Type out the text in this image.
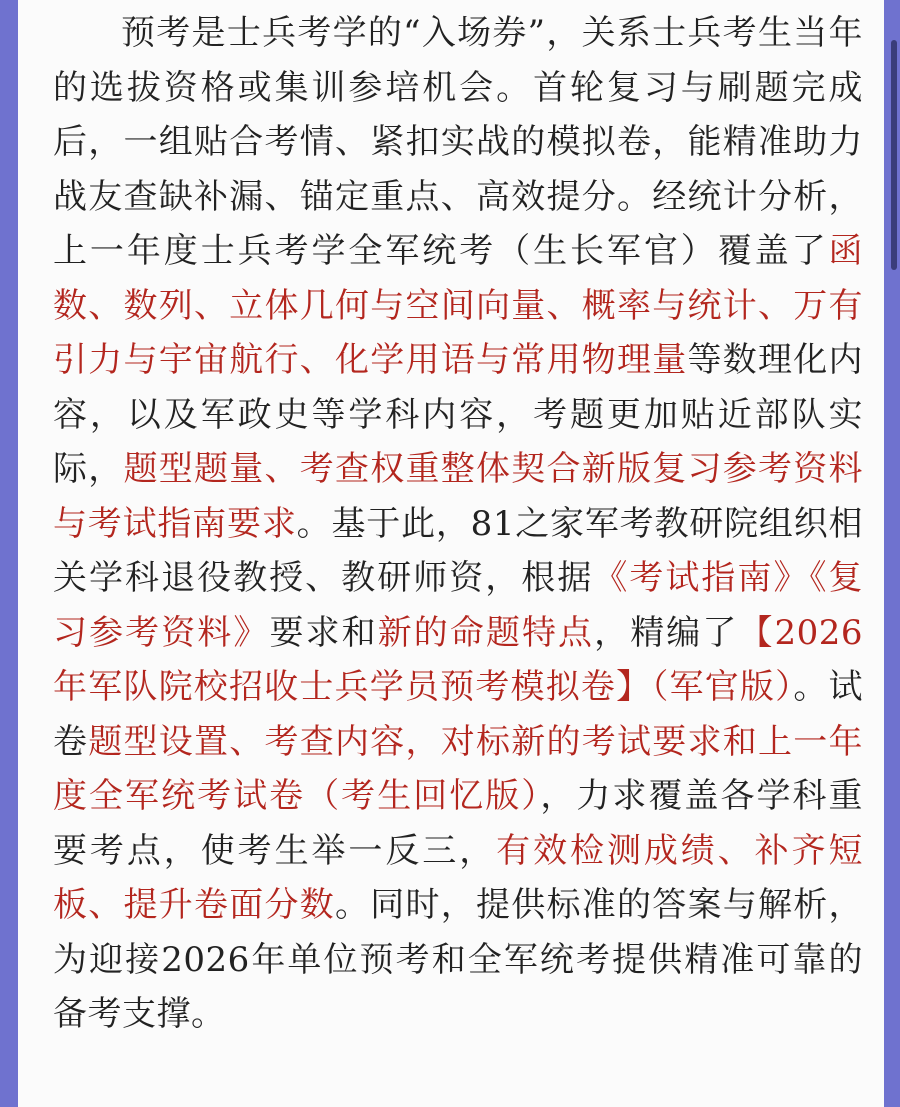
预考是士兵考学的“入场券”，关系士兵考生当年的选拔资格或集训参培机会。首轮复习与刷题完成后，一组贴合考情、紧扣实战的模拟卷，能精准助力战友查缺补漏、锚定重点、高效提分。经统计分析，上一年度士兵考学全军统考（生长军官）覆盖了函数、数列、立体几何与空间向量、概率与统计、万有引力与宇宙航行、化学用语与常用物理量等数理化内容，以及军政史等学科内容，考题更加贴近部队实际，题型题量、考查权重整体契合新版复习参考资料与考试指南要求。基于此，81之家军考教研院组织相关学科退役教授、教研师资，根据《考试指南》《复习参考资料》要求和新的命题特点，精编了【2026年军队院校招收士兵学员预考模拟卷】（军官版）。试卷题型设置、考查内容，对标新的考试要求和上一年度全军统考试卷（考生回忆版），力求覆盖各学科重要考点，使考生举一反三，有效检测成绩、补齐短板、提升卷面分数。同时，提供标准的答案与解析，为迎接2026年单位预考和全军统考提供精准可靠的备考支撑。
